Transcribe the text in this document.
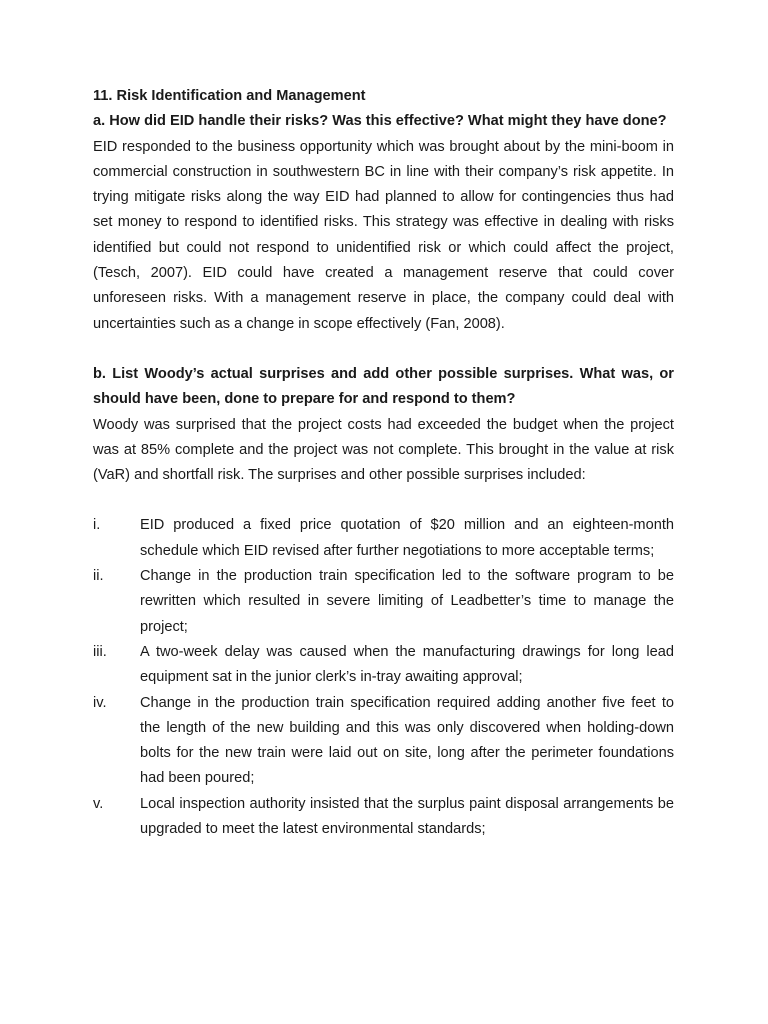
11. Risk Identification and Management

a. How did EID handle their risks? Was this effective? What might they have done?

EID responded to the business opportunity which was brought about by the mini-boom in commercial construction in southwestern BC in line with their company’s risk appetite. In trying mitigate risks along the way EID had planned to allow for contingencies thus had set money to respond to identified risks. This strategy was effective in dealing with risks identified but could not respond to unidentified risk or which could affect the project, (Tesch, 2007). EID could have created a management reserve that could cover unforeseen risks. With a management reserve in place, the company could deal with uncertainties such as a change in scope effectively (Fan, 2008).

b. List Woody’s actual surprises and add other possible surprises. What was, or should have been, done to prepare for and respond to them?

Woody was surprised that the project costs had exceeded the budget when the project was at 85% complete and the project was not complete. This brought in the value at risk (VaR) and shortfall risk. The surprises and other possible surprises included:

i.	EID produced a fixed price quotation of $20 million and an eighteen-month schedule which EID revised after further negotiations to more acceptable terms;
ii.	Change in the production train specification led to the software program to be rewritten which resulted in severe limiting of Leadbetter’s time to manage the project;
iii.	A two-week delay was caused when the manufacturing drawings for long lead equipment sat in the junior clerk’s in-tray awaiting approval;
iv.	Change in the production train specification required adding another five feet to the length of the new building and this was only discovered when holding-down bolts for the new train were laid out on site, long after the perimeter foundations had been poured;
v.	Local inspection authority insisted that the surplus paint disposal arrangements be upgraded to meet the latest environmental standards;
